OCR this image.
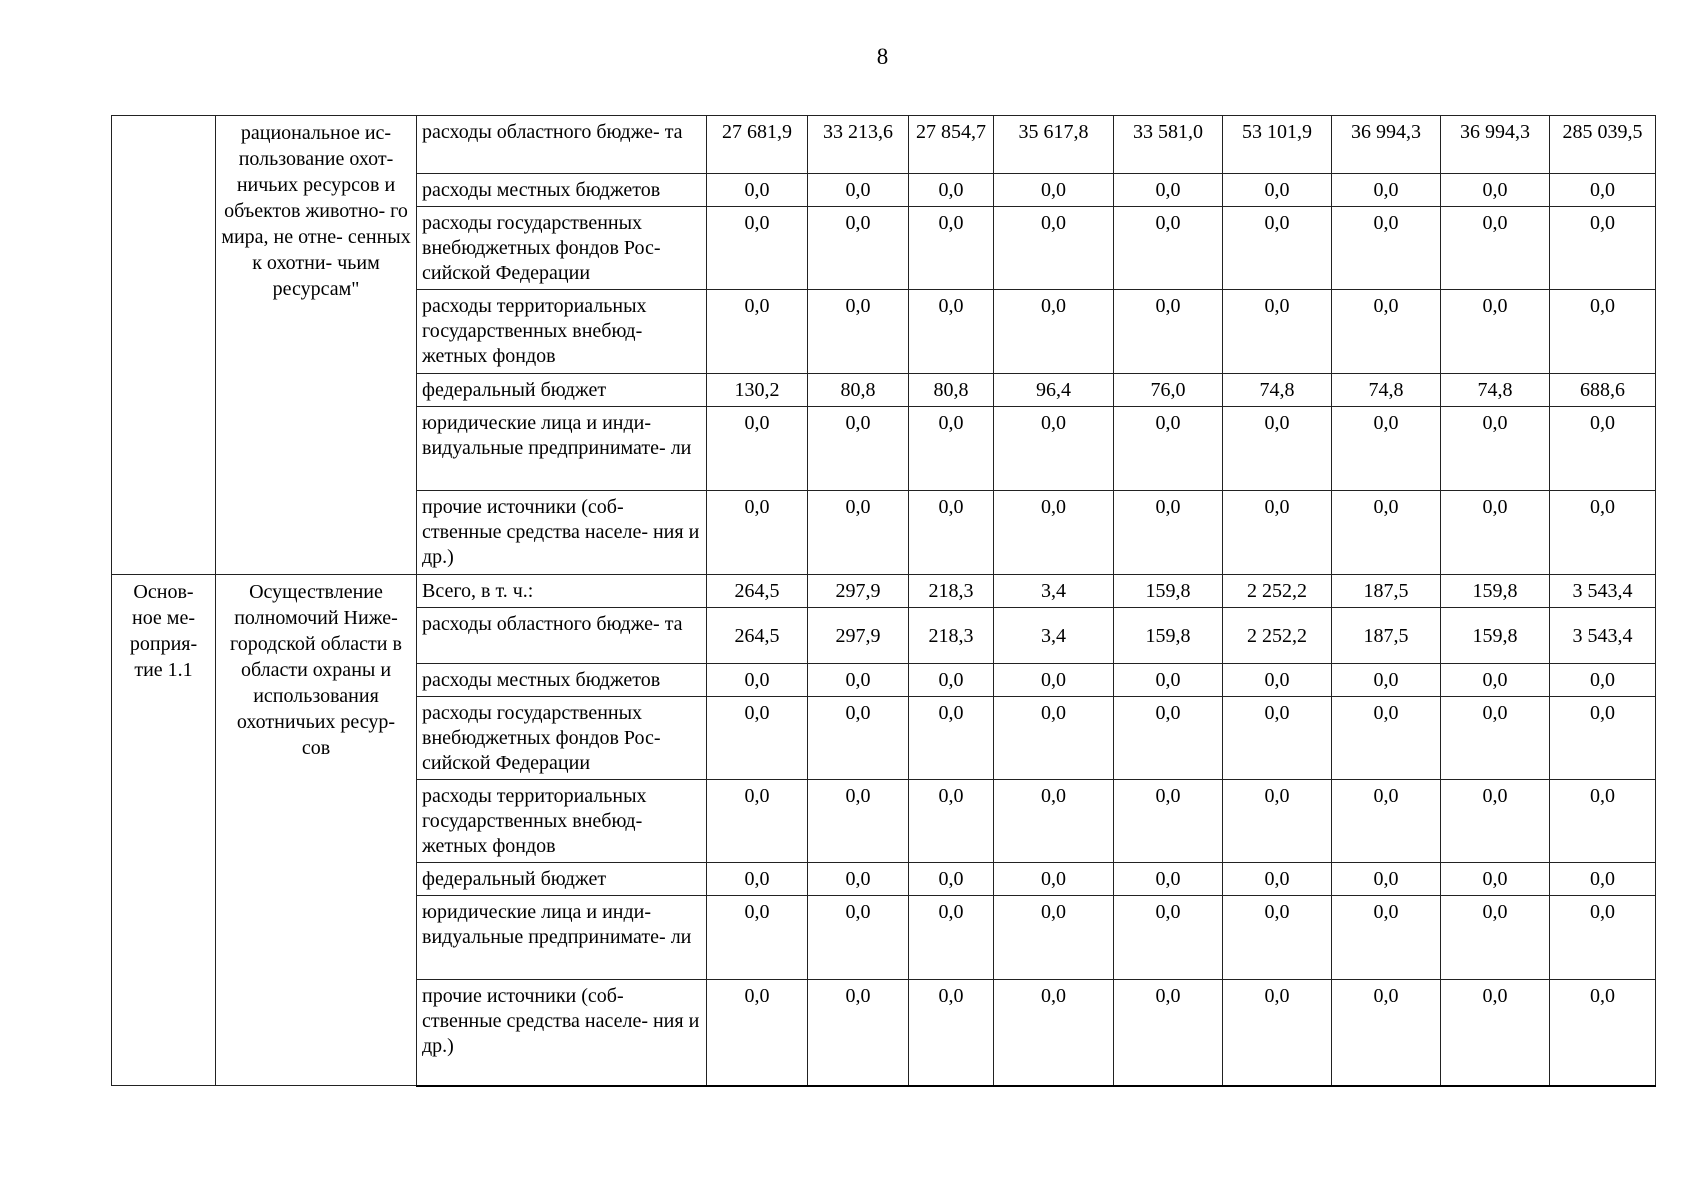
8
	рациональное ис- пользование охот- ничьих ресурсов и объектов животно- го мира, не отне- сенных к охотни- чьим ресурсам"	расходы областного бюдже- та	27 681,9	33 213,6	27 854,7	35 617,8	33 581,0	53 101,9	36 994,3	36 994,3	285 039,5
		расходы местных бюджетов	0,0	0,0	0,0	0,0	0,0	0,0	0,0	0,0	0,0
		расходы государственных внебюджетных фондов Рос- сийской Федерации	0,0	0,0	0,0	0,0	0,0	0,0	0,0	0,0	0,0
		расходы территориальных государственных внебюд- жетных фондов	0,0	0,0	0,0	0,0	0,0	0,0	0,0	0,0	0,0
		федеральный бюджет	130,2	80,8	80,8	96,4	76,0	74,8	74,8	74,8	688,6
		юридические лица и инди- видуальные предпринимате- ли	0,0	0,0	0,0	0,0	0,0	0,0	0,0	0,0	0,0
		прочие источники (соб- ственные средства населе- ния и др.)	0,0	0,0	0,0	0,0	0,0	0,0	0,0	0,0	0,0
Основ- ное ме- роприя- тие 1.1	Осуществление полномочий Ниже- городской области в области охраны и использования охотничьих ресур- сов	Всего, в т. ч.:	264,5	297,9	218,3	3,4	159,8	2 252,2	187,5	159,8	3 543,4
		расходы областного бюдже- та	264,5	297,9	218,3	3,4	159,8	2 252,2	187,5	159,8	3 543,4
		расходы местных бюджетов	0,0	0,0	0,0	0,0	0,0	0,0	0,0	0,0	0,0
		расходы государственных внебюджетных фондов Рос- сийской Федерации	0,0	0,0	0,0	0,0	0,0	0,0	0,0	0,0	0,0
		расходы территориальных государственных внебюд- жетных фондов	0,0	0,0	0,0	0,0	0,0	0,0	0,0	0,0	0,0
		федеральный бюджет	0,0	0,0	0,0	0,0	0,0	0,0	0,0	0,0	0,0
		юридические лица и инди- видуальные предпринимате- ли	0,0	0,0	0,0	0,0	0,0	0,0	0,0	0,0	0,0
		прочие источники (соб- ственные средства населе- ния и др.)	0,0	0,0	0,0	0,0	0,0	0,0	0,0	0,0	0,0
